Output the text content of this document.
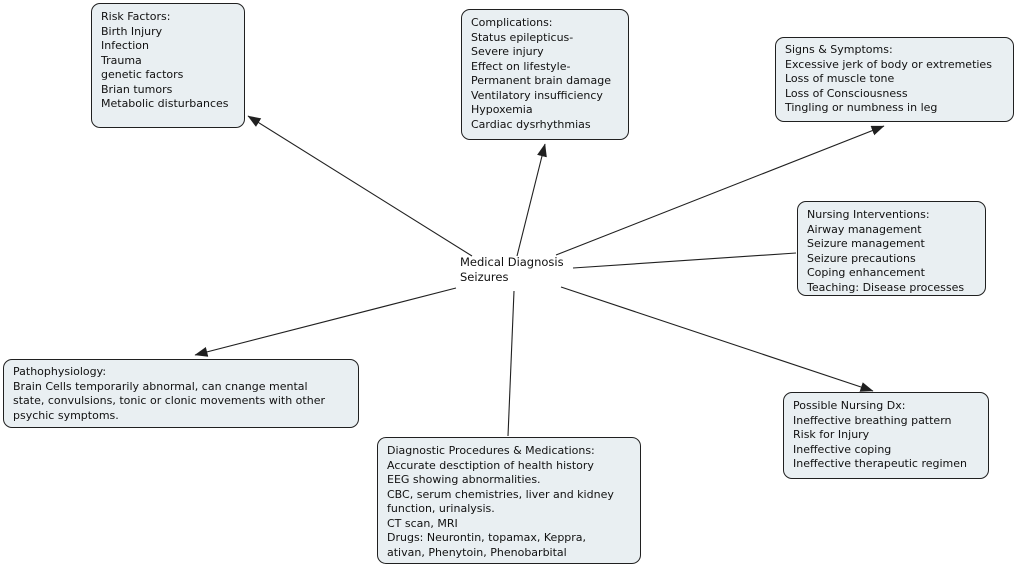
Risk Factors:
Birth Injury
Infection
Trauma
genetic factors
Brian tumors
Metabolic disturbances
Complications:
Status epilepticus-
Severe injury
Effect on lifestyle-
Permanent brain damage
Ventilatory insufficiency
Hypoxemia
Cardiac dysrhythmias
Signs & Symptoms:
Excessive jerk of body or extremeties
Loss of muscle tone
Loss of Consciousness
Tingling or numbness in leg
Nursing Interventions:
Airway management
Seizure management
Seizure precautions
Coping enhancement
Teaching: Disease processes
Possible Nursing Dx:
Ineffective breathing pattern
Risk for Injury
Ineffective coping
Ineffective therapeutic regimen
Diagnostic Procedures & Medications:
Accurate desctiption of health history
EEG showing abnormalities.
CBC, serum chemistries, liver and kidney
function, urinalysis.
CT scan, MRI
Drugs: Neurontin, topamax, Keppra,
ativan, Phenytoin, Phenobarbital
Pathophysiology:
Brain Cells temporarily abnormal, can cnange mental
state, convulsions, tonic or clonic movements with other
psychic symptoms.
Medical Diagnosis
Seizures
